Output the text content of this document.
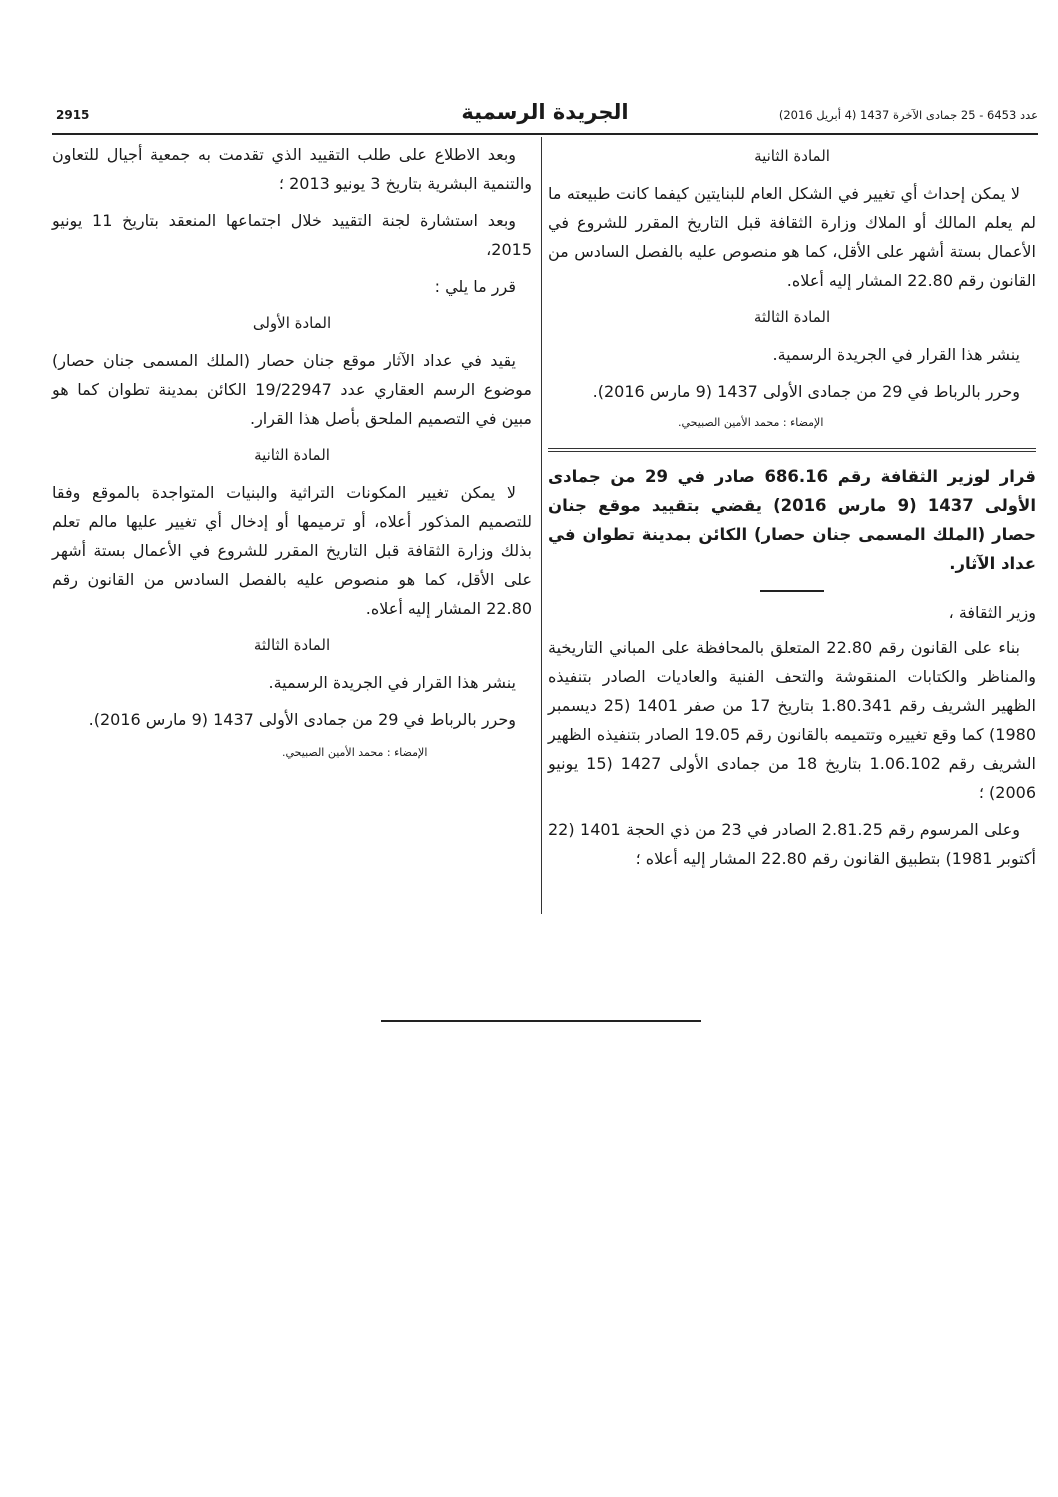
2915	الجريدة الرسمية	عدد 6453 - 25 جمادى الآخرة 1437 (4 أبريل 2016)

المادة الثانية

لا يمكن إحداث أي تغيير في الشكل العام للبنايتين كيفما كانت طبيعته ما لم يعلم المالك أو الملاك وزارة الثقافة قبل التاريخ المقرر للشروع في الأعمال بستة أشهر على الأقل، كما هو منصوص عليه بالفصل السادس من القانون رقم 22.80 المشار إليه أعلاه.

المادة الثالثة

ينشر هذا القرار في الجريدة الرسمية.

وحرر بالرباط في 29 من جمادى الأولى 1437 (9 مارس 2016).

الإمضاء : محمد الأمين الصبيحي.

قرار لوزير الثقافة رقم 686.16 صادر في 29 من جمادى الأولى 1437 (9 مارس 2016) يقضي بتقييد موقع جنان حصار (الملك المسمى جنان حصار) الكائن بمدينة تطوان في عداد الآثار.

وزير الثقافة ،

بناء على القانون رقم 22.80 المتعلق بالمحافظة على المباني التاريخية والمناظر والكتابات المنقوشة والتحف الفنية والعاديات الصادر بتنفيذه الظهير الشريف رقم 1.80.341 بتاريخ 17 من صفر 1401 (25 ديسمبر 1980) كما وقع تغييره وتتميمه بالقانون رقم 19.05 الصادر بتنفيذه الظهير الشريف رقم 1.06.102 بتاريخ 18 من جمادى الأولى 1427 (15 يونيو 2006) ؛

وعلى المرسوم رقم 2.81.25 الصادر في 23 من ذي الحجة 1401 (22 أكتوبر 1981) بتطبيق القانون رقم 22.80 المشار إليه أعلاه ؛

وبعد الاطلاع على طلب التقييد الذي تقدمت به جمعية أجيال للتعاون والتنمية البشرية بتاريخ 3 يونيو 2013 ؛

وبعد استشارة لجنة التقييد خلال اجتماعها المنعقد بتاريخ 11 يونيو 2015،

قرر ما يلي :

المادة الأولى

يقيد في عداد الآثار موقع جنان حصار (الملك المسمى جنان حصار) موضوع الرسم العقاري عدد 19/22947 الكائن بمدينة تطوان كما هو مبين في التصميم الملحق بأصل هذا القرار.

المادة الثانية

لا يمكن تغيير المكونات التراثية والبنيات المتواجدة بالموقع وفقا للتصميم المذكور أعلاه، أو ترميمها أو إدخال أي تغيير عليها مالم تعلم بذلك وزارة الثقافة قبل التاريخ المقرر للشروع في الأعمال بستة أشهر على الأقل، كما هو منصوص عليه بالفصل السادس من القانون رقم 22.80 المشار إليه أعلاه.

المادة الثالثة

ينشر هذا القرار في الجريدة الرسمية.

وحرر بالرباط في 29 من جمادى الأولى 1437 (9 مارس 2016).

الإمضاء : محمد الأمين الصبيحي.
